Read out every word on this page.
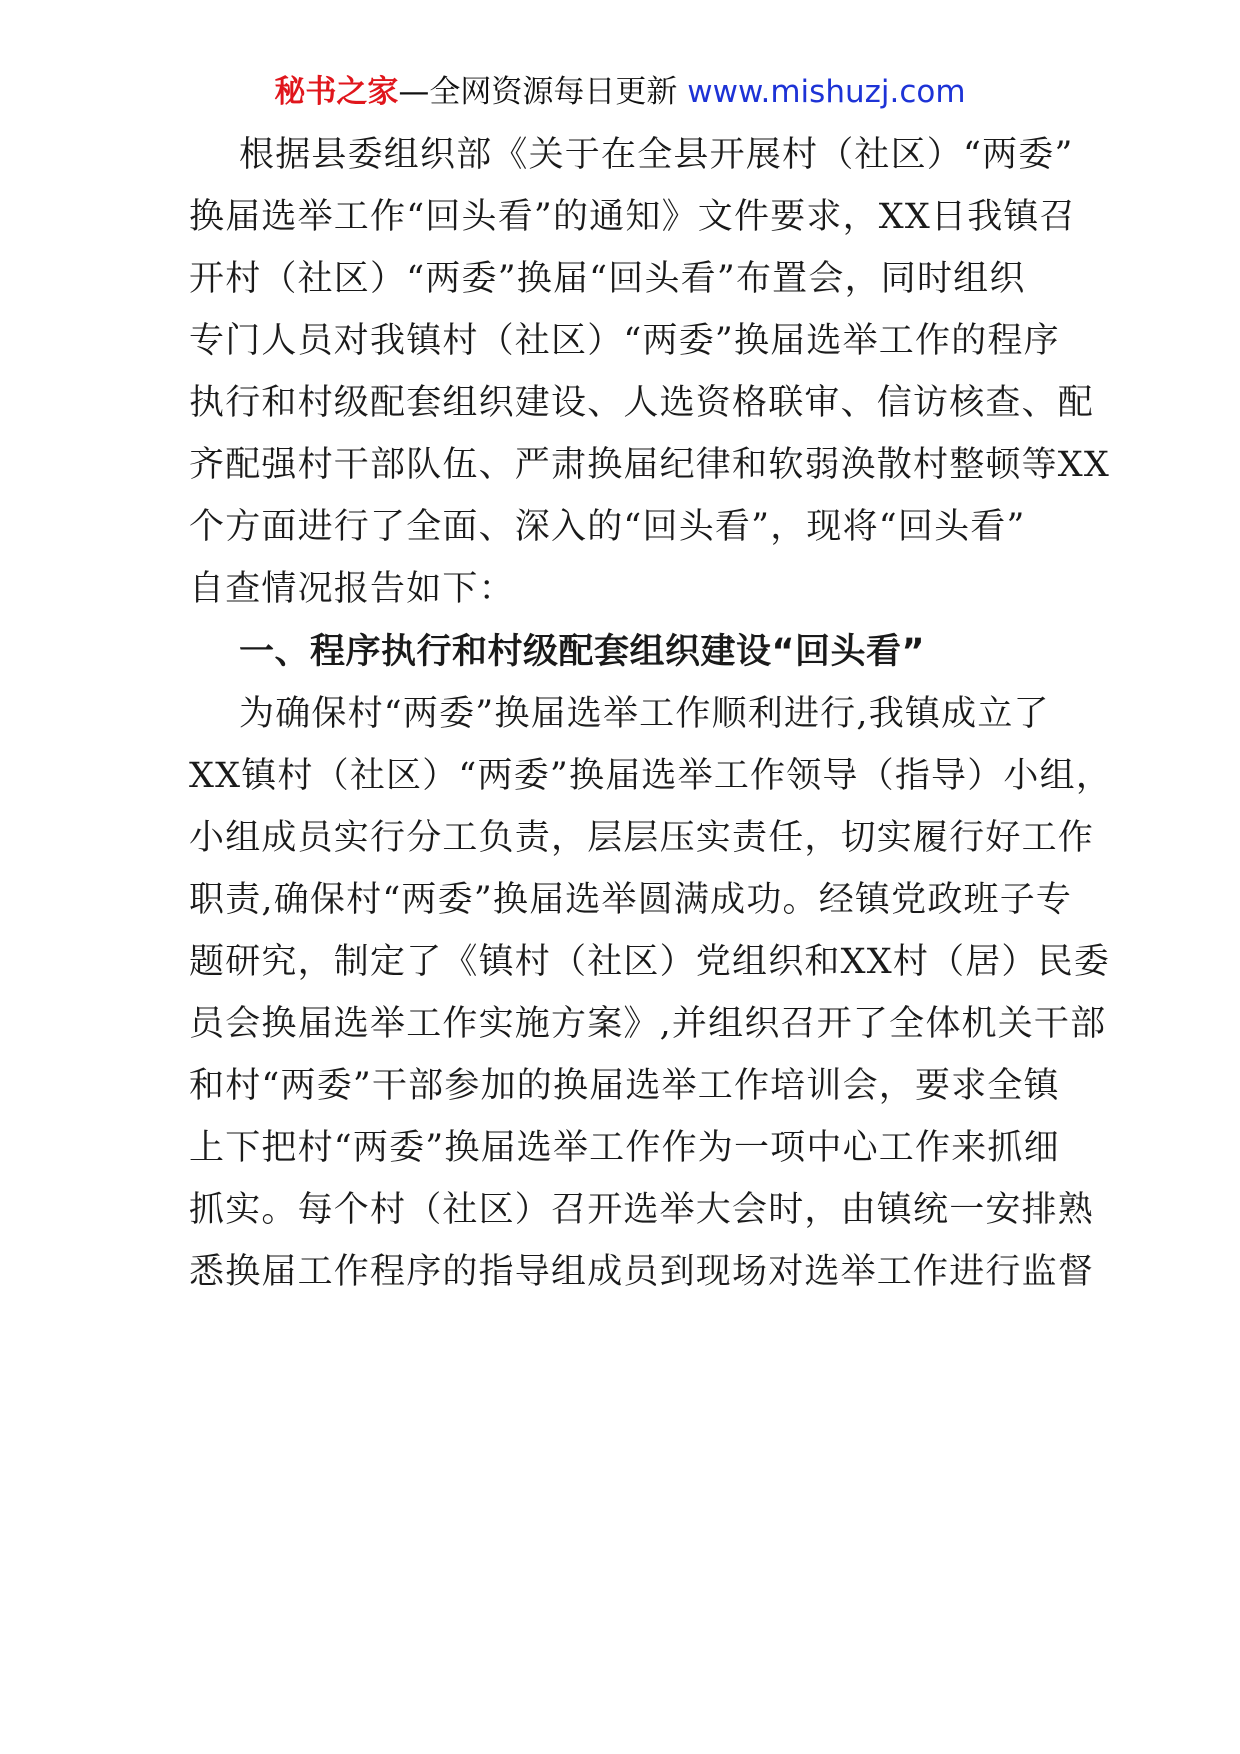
秘书之家—全网资源每日更新 www.mishuzj.com
根据县委组织部《关于在全县开展村（社区）“两委”
换届选举工作“回头看”的通知》文件要求，XX日我镇召
开村（社区）“两委”换届“回头看”布置会，同时组织
专门人员对我镇村（社区）“两委”换届选举工作的程序
执行和村级配套组织建设、人选资格联审、信访核查、配
齐配强村干部队伍、严肃换届纪律和软弱涣散村整顿等XX
个方面进行了全面、深入的“回头看”，现将“回头看”
自查情况报告如下：
一、程序执行和村级配套组织建设“回头看”
为确保村“两委”换届选举工作顺利进行,我镇成立了
XX镇村（社区）“两委”换届选举工作领导（指导）小组，
小组成员实行分工负责，层层压实责任，切实履行好工作
职责,确保村“两委”换届选举圆满成功。经镇党政班子专
题研究，制定了《镇村（社区）党组织和XX村（居）民委
员会换届选举工作实施方案》,并组织召开了全体机关干部
和村“两委”干部参加的换届选举工作培训会，要求全镇
上下把村“两委”换届选举工作作为一项中心工作来抓细
抓实。每个村（社区）召开选举大会时，由镇统一安排熟
悉换届工作程序的指导组成员到现场对选举工作进行监督
